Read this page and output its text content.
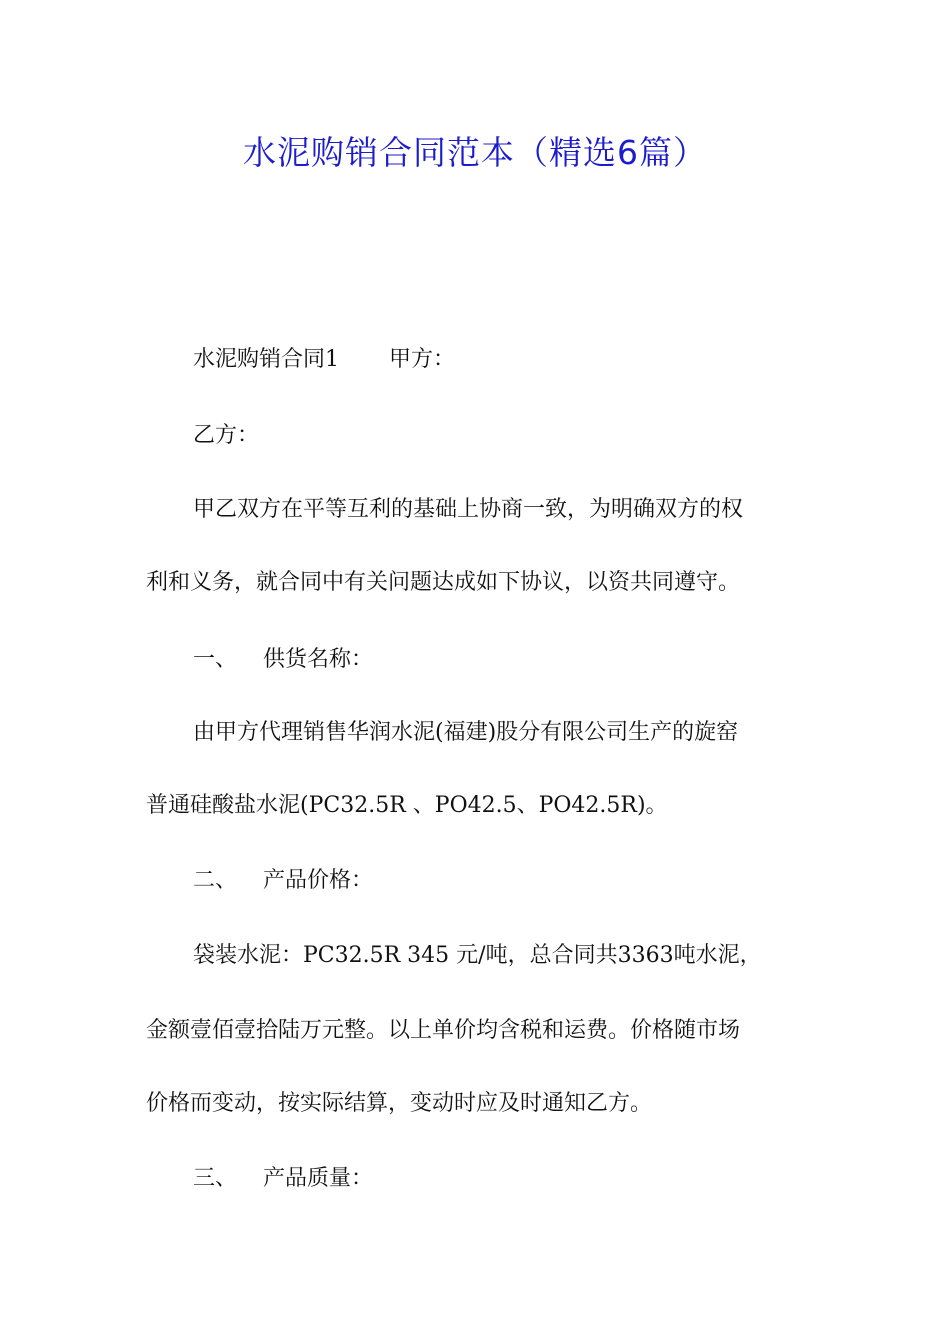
水泥购销合同范本（精选6篇）
水泥购销合同1 甲方：
乙方：
甲乙双方在平等互利的基础上协商一致，为明确双方的权
利和义务，就合同中有关问题达成如下协议，以资共同遵守。
一、 供货名称：
由甲方代理销售华润水泥(福建)股分有限公司生产的旋窑
普通硅酸盐水泥(PC32.5R 、PO42.5、PO42.5R)。
二、 产品价格：
袋装水泥：PC32.5R 345 元/吨，总合同共3363吨水泥，
金额壹佰壹拾陆万元整。以上单价均含税和运费。价格随市场
价格而变动，按实际结算，变动时应及时通知乙方。
三、 产品质量：
